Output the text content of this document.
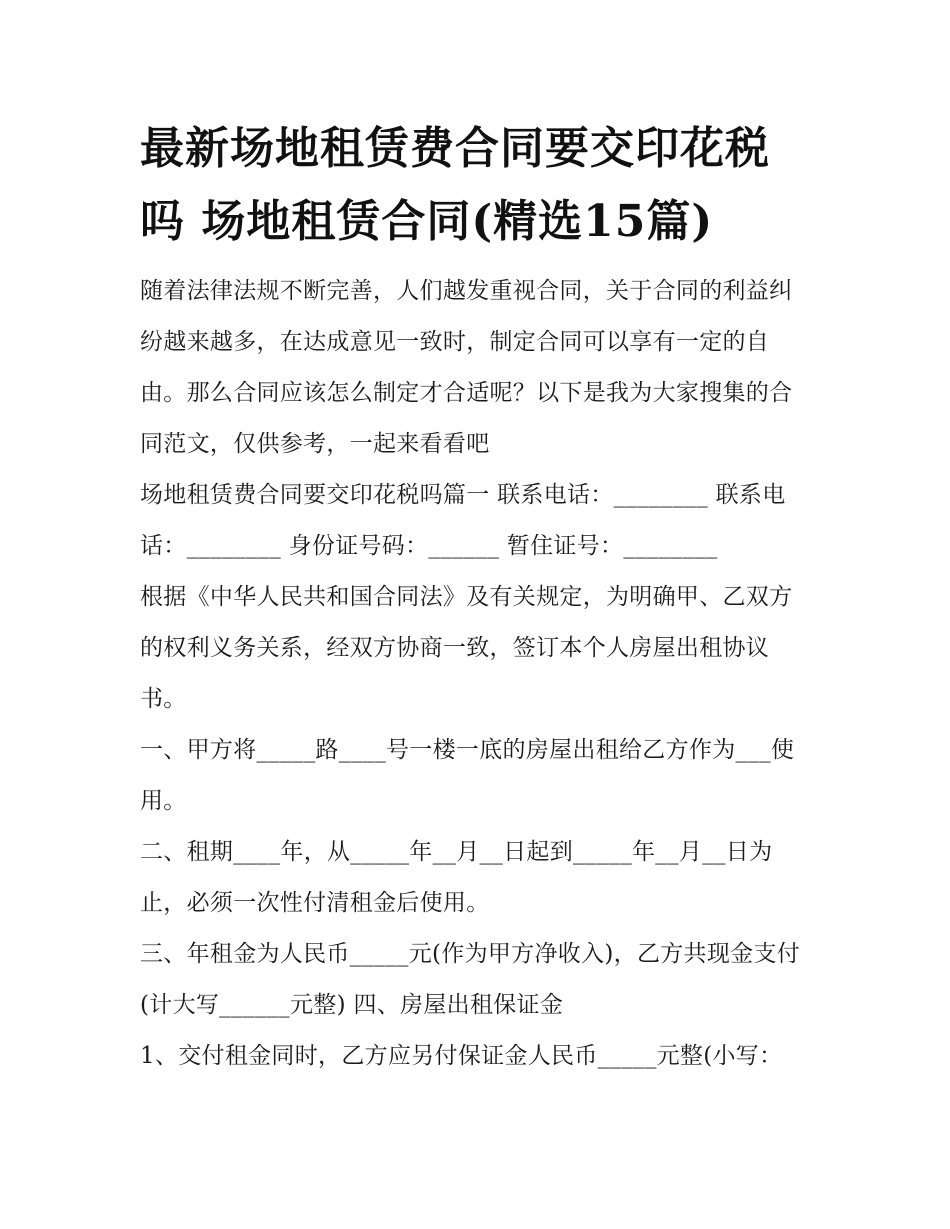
最新场地租赁费合同要交印花税吗 场地租赁合同(精选15篇)

随着法律法规不断完善，人们越发重视合同，关于合同的利益纠纷越来越多，在达成意见一致时，制定合同可以享有一定的自由。那么合同应该怎么制定才合适呢？以下是我为大家搜集的合同范文，仅供参考，一起来看看吧

场地租赁费合同要交印花税吗篇一 联系电话：________ 联系电话：________ 身份证号码：______ 暂住证号：________

根据《中华人民共和国合同法》及有关规定，为明确甲、乙双方的权利义务关系，经双方协商一致，签订本个人房屋出租协议书。

一、甲方将_____路____号一楼一底的房屋出租给乙方作为___使用。

二、租期____年，从_____年__月__日起到_____年__月__日为止，必须一次性付清租金后使用。

三、年租金为人民币_____元(作为甲方净收入)，乙方共现金支付(计大写______元整) 四、房屋出租保证金

1、交付租金同时，乙方应另付保证金人民币_____元整(小写：
